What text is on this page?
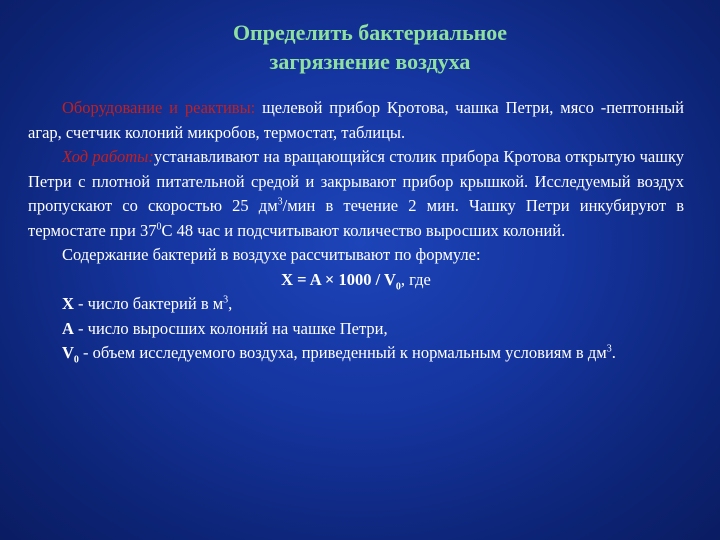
Определить бактериальное
загрязнение воздуха

Оборудование и реактивы: щелевой прибор Кротова, чашка Петри, мясо -пептонный агар, счетчик колоний микробов, термостат, таблицы.

Ход работы:устанавливают на вращающийся столик прибора Кротова открытую чашку Петри с плотной питательной средой и закрывают прибор крышкой. Исследуемый воздух пропускают со скоростью 25 $дм^3$/мин в течение 2 мин. Чашку Петри инкубируют в термостате при $37^0С$ 48 час и подсчитывают количество выросших колоний.

Содержание бактерий в воздухе рассчитывают по формуле:

$X = A \times 1000 / V_0$, где

X - число бактерий в $м^3$,

А - число выросших колоний на чашке Петри,

$V_0$ - объем исследуемого воздуха, приведенный к нормальным условиям в $дм^3$.
